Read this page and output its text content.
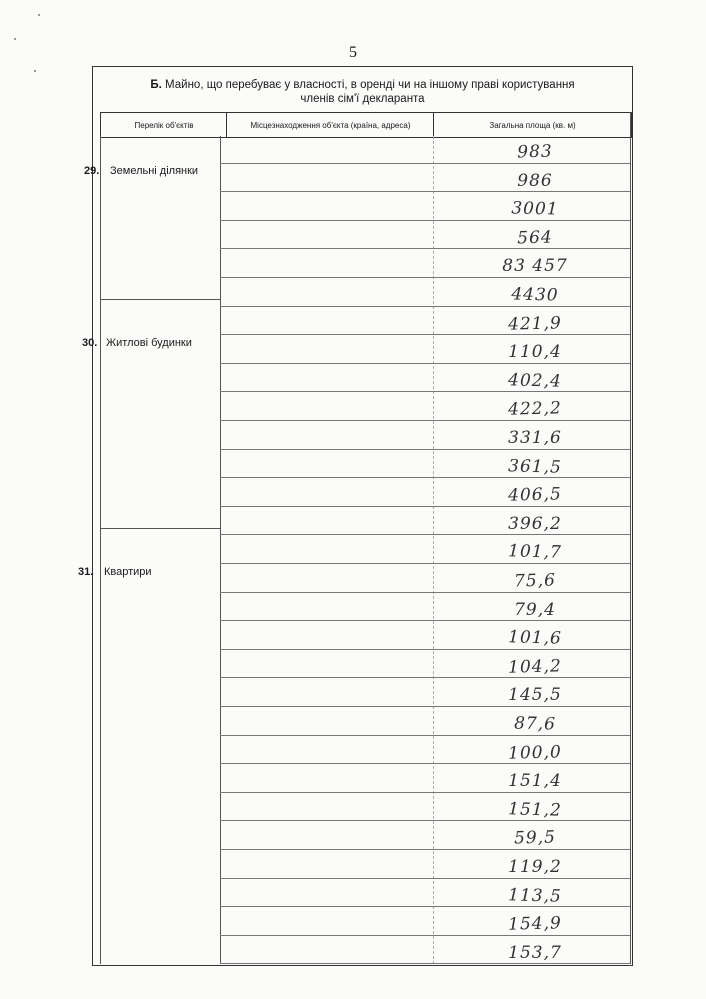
5
Б. Майно, що перебуває у власності, в оренді чи на іншому праві користування
членів сім'ї декларанта
Перелік об'єктів	Місцезнаходження об'єкта (країна, адреса)	Загальна площа (кв. м)
29. Земельні ділянки
30. Житлові будинки
31. Квартири
983
986
3001
564
83 457
4430
421,9
110,4
402,4
422,2
331,6
361,5
406,5
396,2
101,7
75,6
79,4
101,6
104,2
145,5
87,6
100,0
151,4
151,2
59,5
119,2
113,5
154,9
153,7
